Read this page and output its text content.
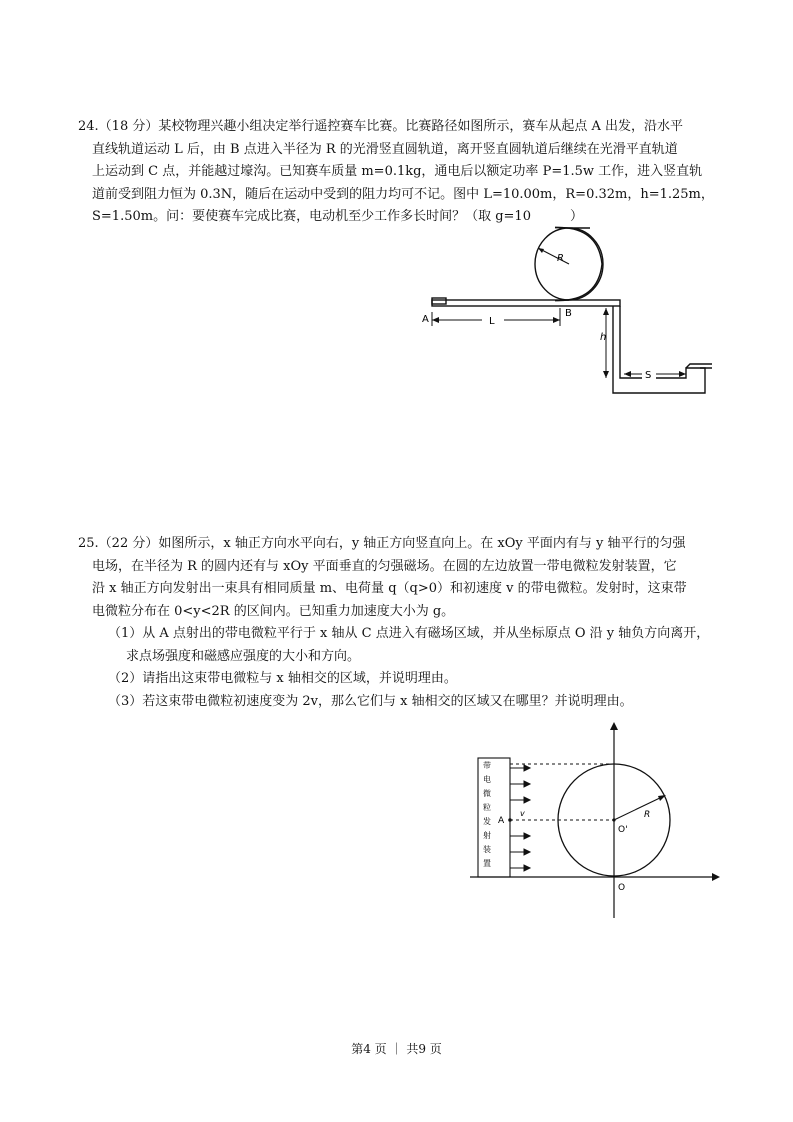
24.（18 分）某校物理兴趣小组决定举行遥控赛车比赛。比赛路径如图所示，赛车从起点 A 出发，沿水平

直线轨道运动 L 后，由 B 点进入半径为 R 的光滑竖直圆轨道，离开竖直圆轨道后继续在光滑平直轨道

上运动到 C 点，并能越过壕沟。已知赛车质量 m=0.1kg，通电后以额定功率 P=1.5w 工作，进入竖直轨

道前受到阻力恒为 0.3N，随后在运动中受到的阻力均可不记。图中 L=10.00m，R=0.32m，h=1.25m，

S=1.50m。问：要使赛车完成比赛，电动机至少工作多长时间？（取 g=10　　　）

R
A	L
B
h
S

25.（22 分）如图所示，x 轴正方向水平向右，y 轴正方向竖直向上。在 xOy 平面内有与 y 轴平行的匀强

电场，在半径为 R 的圆内还有与 xOy 平面垂直的匀强磁场。在圆的左边放置一带电微粒发射装置，它

沿 x 轴正方向发射出一束具有相同质量 m、电荷量 q（q>0）和初速度 v 的带电微粒。发射时，这束带

电微粒分布在 0<y<2R 的区间内。已知重力加速度大小为 g。

（1）从 A 点射出的带电微粒平行于 x 轴从 C 点进入有磁场区域，并从坐标原点 O 沿 y 轴负方向离开，

求点场强度和磁感应强度的大小和方向。

（2）请指出这束带电微粒与 x 轴相交的区域，并说明理由。

（3）若这束带电微粒初速度变为 2v，那么它们与 x 轴相交的区域又在哪里？并说明理由。

带
电
微
粒
发
射
装
置
A
v
O'
R
O
第4 页 ｜ 共9 页
